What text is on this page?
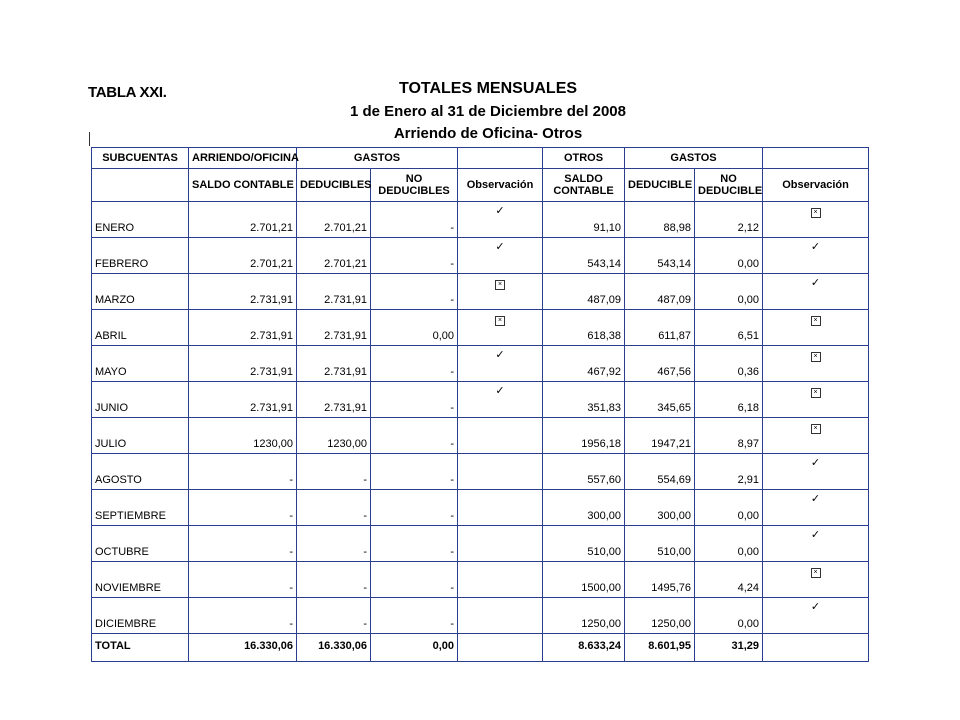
TABLA XXI.	TOTALES MENSUALES
1 de Enero al 31 de Diciembre del 2008
Arriendo de Oficina- Otros
SUBCUENTAS	ARRIENDO/OFICINA	GASTOS			OTROS	GASTOS		
	SALDO CONTABLE	DEDUCIBLES	NO DEDUCIBLES	Observación	SALDO CONTABLE	DEDUCIBLE	NO DEDUCIBLE	Observación
ENERO	2.701,21	2.701,21	-	✓	91,10	88,98	2,12	×

FEBRERO	2.701,21	2.701,21	-	✓	543,14	543,14	0,00	✓

MARZO	2.731,91	2.731,91	-	×	487,09	487,09	0,00	✓

ABRIL	2.731,91	2.731,91	0,00	×	618,38	611,87	6,51	×

MAYO	2.731,91	2.731,91	-	✓	467,92	467,56	0,36	×

JUNIO	2.731,91	2.731,91	-	✓	351,83	345,65	6,18	×

JULIO	1230,00	1230,00	-		1956,18	1947,21	8,97	×

AGOSTO	-	-	-		557,60	554,69	2,91	✓

SEPTIEMBRE	-	-	-		300,00	300,00	0,00	✓

OCTUBRE	-	-	-		510,00	510,00	0,00	✓

NOVIEMBRE	-	-	-		1500,00	1495,76	4,24	×

DICIEMBRE	-	-	-		1250,00	1250,00	0,00	✓

TOTAL	16.330,06	16.330,06	0,00		8.633,24	8.601,95	31,29	
